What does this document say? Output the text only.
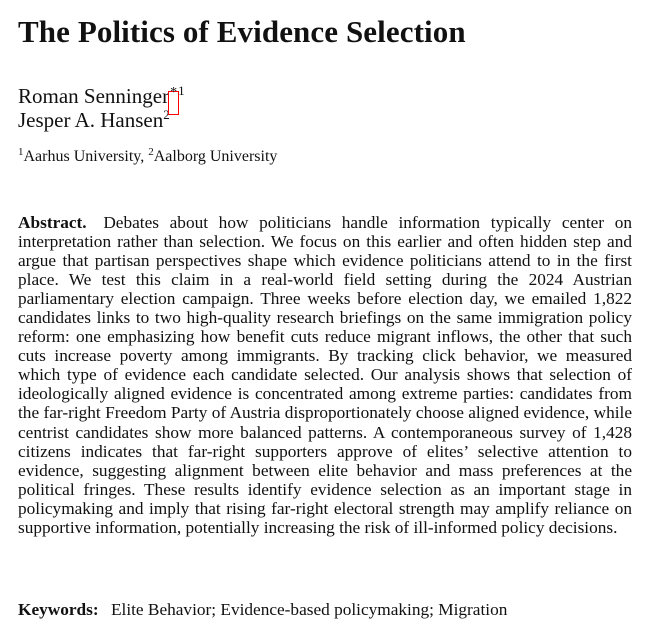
The Politics of Evidence Selection
Roman Senninger*$^1$
Jesper A. Hansen$^2$
$^1$Aarhus University, $^2$Aalborg University

Abstract. Debates about how politicians handle information typically center on interpretation rather than selection. We focus on this earlier and often hidden step and argue that partisan perspectives shape which evidence politicians attend to in the first place. We test this claim in a real-world field setting during the 2024 Austrian parliamentary election campaign. Three weeks before election day, we emailed 1,822 candidates links to two high-quality research briefings on the same immigration policy reform: one emphasizing how benefit cuts reduce migrant inflows, the other that such cuts increase poverty among immigrants. By tracking click behavior, we measured which type of evidence each candidate selected. Our analysis shows that selection of ideologically aligned evidence is concentrated among extreme parties: candidates from the far-right Freedom Party of Austria disproportionately choose aligned evidence, while centrist candidates show more balanced patterns. A contemporaneous survey of 1,428 citizens indicates that far-right supporters approve of elites’ selective attention to evidence, suggesting alignment between elite behavior and mass preferences at the political fringes. These results identify evidence selection as an important stage in policymaking and imply that rising far-right electoral strength may amplify reliance on supportive information, potentially increasing the risk of ill-informed policy decisions.

Keywords: Elite Behavior; Evidence-based policymaking; Migration
